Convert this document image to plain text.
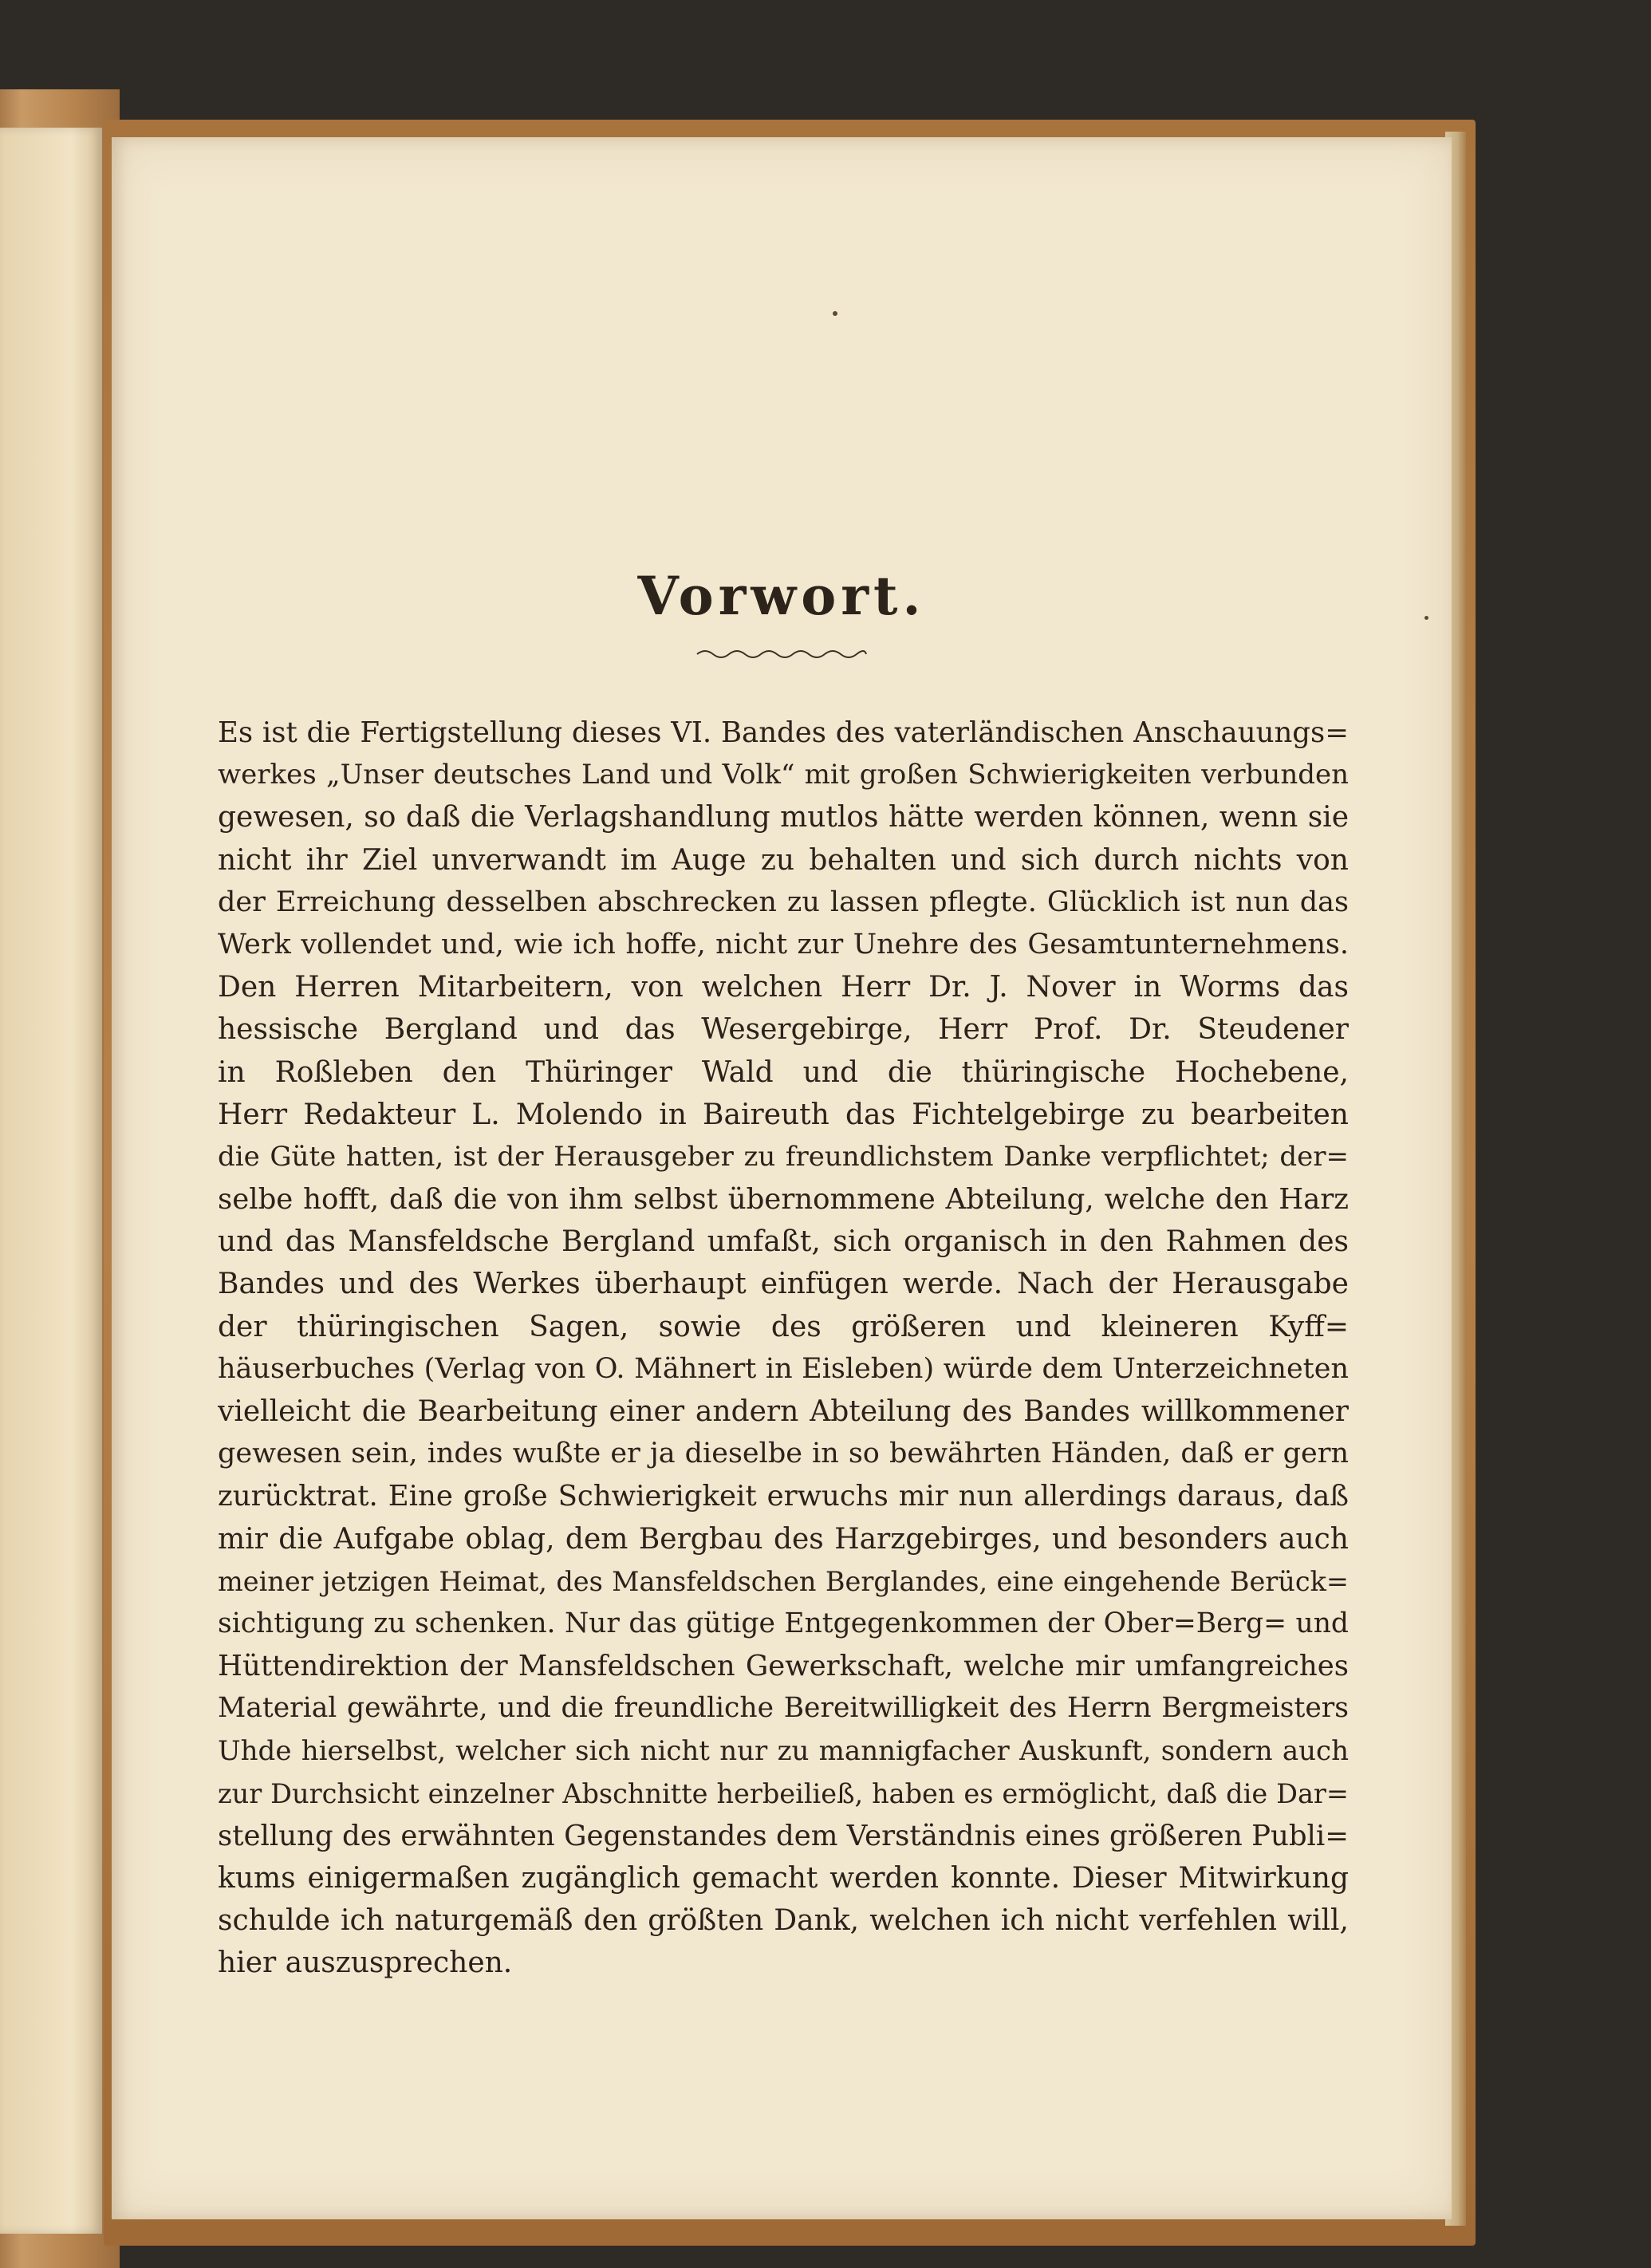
Vorwort.
Es ist die Fertigstellung dieses VI. Bandes des vaterländischen Anschauungs=
werkes „Unser deutsches Land und Volk“ mit großen Schwierigkeiten verbunden
gewesen, so daß die Verlagshandlung mutlos hätte werden können, wenn sie
nicht ihr Ziel unverwandt im Auge zu behalten und sich durch nichts von
der Erreichung desselben abschrecken zu lassen pflegte. Glücklich ist nun das
Werk vollendet und, wie ich hoffe, nicht zur Unehre des Gesamtunternehmens.
Den Herren Mitarbeitern, von welchen Herr Dr. J. Nover in Worms das
hessische Bergland und das Wesergebirge, Herr Prof. Dr. Steudener
in Roßleben den Thüringer Wald und die thüringische Hochebene,
Herr Redakteur L. Molendo in Baireuth das Fichtelgebirge zu bearbeiten
die Güte hatten, ist der Herausgeber zu freundlichstem Danke verpflichtet; der=
selbe hofft, daß die von ihm selbst übernommene Abteilung, welche den Harz
und das Mansfeldsche Bergland umfaßt, sich organisch in den Rahmen des
Bandes und des Werkes überhaupt einfügen werde. Nach der Herausgabe
der thüringischen Sagen, sowie des größeren und kleineren Kyff=
häuserbuches (Verlag von O. Mähnert in Eisleben) würde dem Unterzeichneten
vielleicht die Bearbeitung einer andern Abteilung des Bandes willkommener
gewesen sein, indes wußte er ja dieselbe in so bewährten Händen, daß er gern
zurücktrat. Eine große Schwierigkeit erwuchs mir nun allerdings daraus, daß
mir die Aufgabe oblag, dem Bergbau des Harzgebirges, und besonders auch
meiner jetzigen Heimat, des Mansfeldschen Berglandes, eine eingehende Berück=
sichtigung zu schenken. Nur das gütige Entgegenkommen der Ober=Berg= und
Hüttendirektion der Mansfeldschen Gewerkschaft, welche mir umfangreiches
Material gewährte, und die freundliche Bereitwilligkeit des Herrn Bergmeisters
Uhde hierselbst, welcher sich nicht nur zu mannigfacher Auskunft, sondern auch
zur Durchsicht einzelner Abschnitte herbeiließ, haben es ermöglicht, daß die Dar=
stellung des erwähnten Gegenstandes dem Verständnis eines größeren Publi=
kums einigermaßen zugänglich gemacht werden konnte. Dieser Mitwirkung
schulde ich naturgemäß den größten Dank, welchen ich nicht verfehlen will,
hier auszusprechen.
